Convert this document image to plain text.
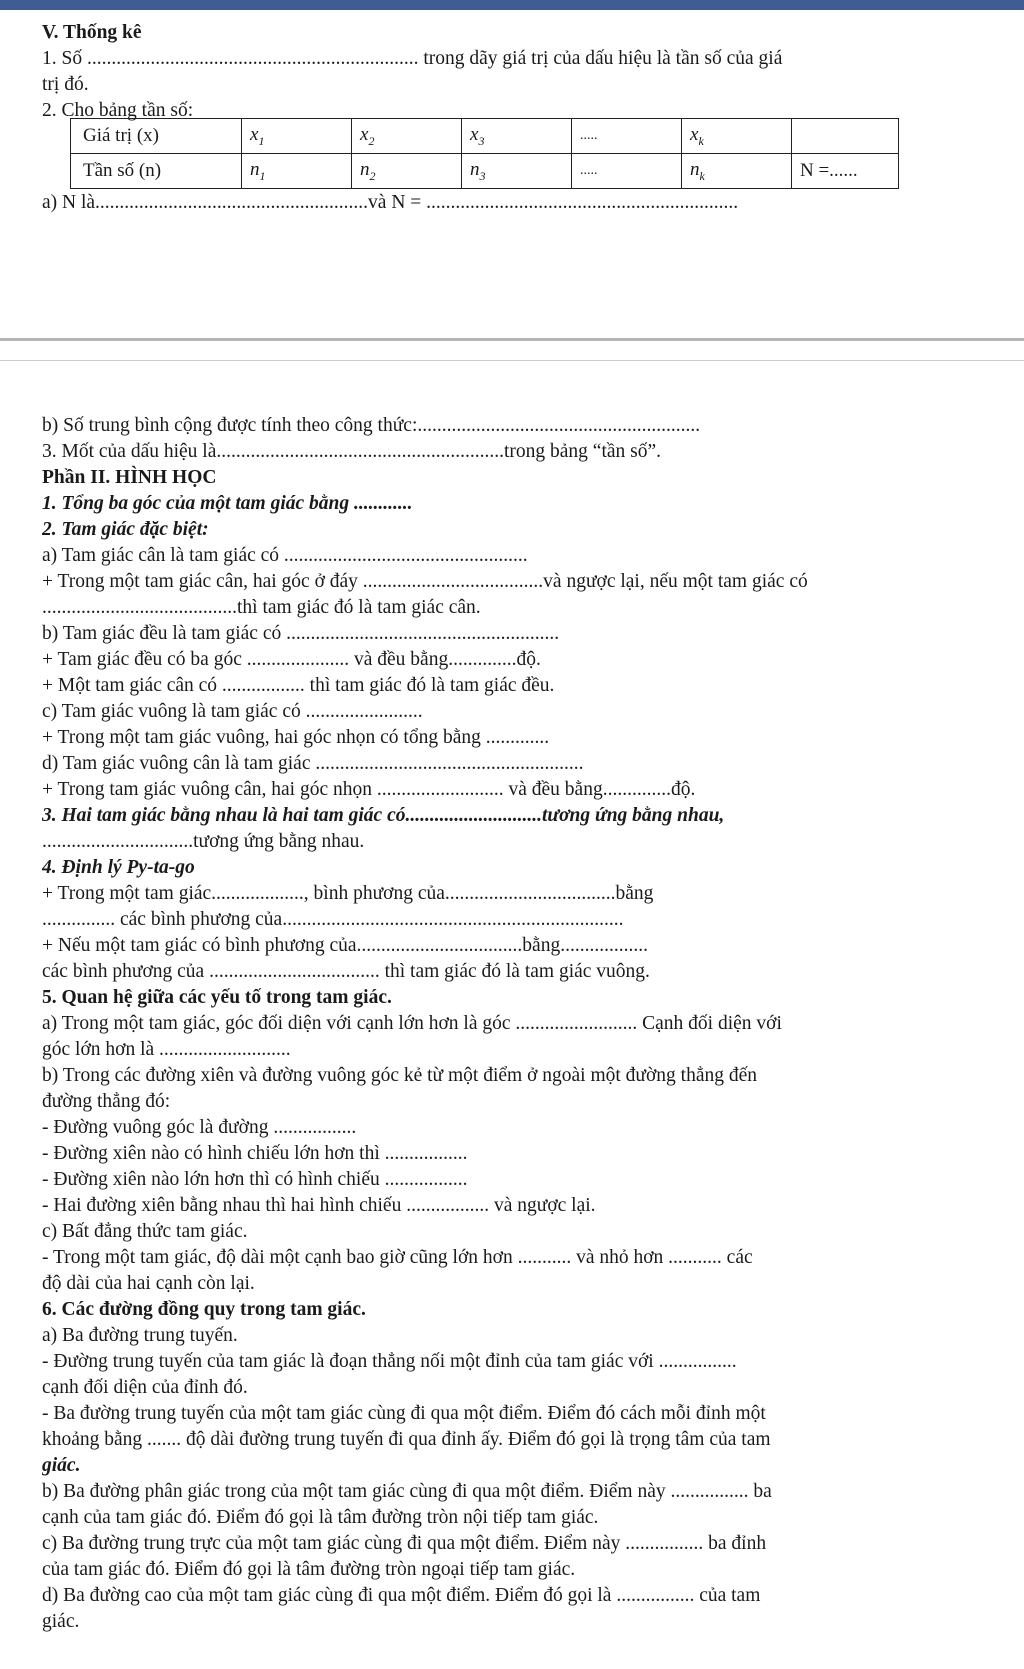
V. Thống kê
1. Số .................................................................... trong dãy giá trị của dấu hiệu là tần số của giá
trị đó.
2. Cho bảng tần số:
Giá trị (x)	$x_1$	$x_2$	$x_3$	.....	$x_k$	
Tần số (n)	$n_1$	$n_2$	$n_3$	.....	$n_k$	N =......
a) N là........................................................và N = ................................................................
b) Số trung bình cộng được tính theo công thức:..........................................................
3. Mốt của dấu hiệu là...........................................................trong bảng “tần số”.
Phần II. HÌNH HỌC
1. Tổng ba góc của một tam giác bằng ............
2. Tam giác đặc biệt:
a) Tam giác cân là tam giác có ..................................................
+ Trong một tam giác cân, hai góc ở đáy .....................................và ngược lại, nếu một tam giác có
........................................thì tam giác đó là tam giác cân.
b) Tam giác đều là tam giác có ........................................................
+ Tam giác đều có ba góc ..................... và đều bằng..............độ.
+ Một tam giác cân có ................. thì tam giác đó là tam giác đều.
c) Tam giác vuông là tam giác có ........................
+ Trong một tam giác vuông, hai góc nhọn có tổng bằng .............
d) Tam giác vuông cân là tam giác .......................................................
+ Trong tam giác vuông cân, hai góc nhọn .......................... và đều bằng..............độ.
3. Hai tam giác bằng nhau là hai tam giác có............................tương ứng bằng nhau,
...............................tương ứng bằng nhau.
4. Định lý Py-ta-go
+ Trong một tam giác..................., bình phương của...................................bằng
............... các bình phương của......................................................................
+ Nếu một tam giác có bình phương của..................................bằng..................
các bình phương của ................................... thì tam giác đó là tam giác vuông.
5. Quan hệ giữa các yếu tố trong tam giác.
a) Trong một tam giác, góc đối diện với cạnh lớn hơn là góc ......................... Cạnh đối diện với
góc lớn hơn là ...........................
b) Trong các đường xiên và đường vuông góc kẻ từ một điểm ở ngoài một đường thẳng đến
đường thẳng đó:
- Đường vuông góc là đường .................
- Đường xiên nào có hình chiếu lớn hơn thì .................
- Đường xiên nào lớn hơn thì có hình chiếu .................
- Hai đường xiên bằng nhau thì hai hình chiếu ................. và ngược lại.
c) Bất đẳng thức tam giác.
- Trong một tam giác, độ dài một cạnh bao giờ cũng lớn hơn ........... và nhỏ hơn ........... các
độ dài của hai cạnh còn lại.
6. Các đường đồng quy trong tam giác.
a) Ba đường trung tuyến.
- Đường trung tuyến của tam giác là đoạn thẳng nối một đỉnh của tam giác với ................
cạnh đối diện của đỉnh đó.
- Ba đường trung tuyến của một tam giác cùng đi qua một điểm. Điểm đó cách mỗi đỉnh một
khoảng bằng ....... độ dài đường trung tuyến đi qua đỉnh ấy. Điểm đó gọi là trọng tâm của tam
giác.
b) Ba đường phân giác trong của một tam giác cùng đi qua một điểm. Điểm này ................ ba
cạnh của tam giác đó. Điểm đó gọi là tâm đường tròn nội tiếp tam giác.
c) Ba đường trung trực của một tam giác cùng đi qua một điểm. Điểm này ................ ba đỉnh
của tam giác đó. Điểm đó gọi là tâm đường tròn ngoại tiếp tam giác.
d) Ba đường cao của một tam giác cùng đi qua một điểm. Điểm đó gọi là ................ của tam
giác.
